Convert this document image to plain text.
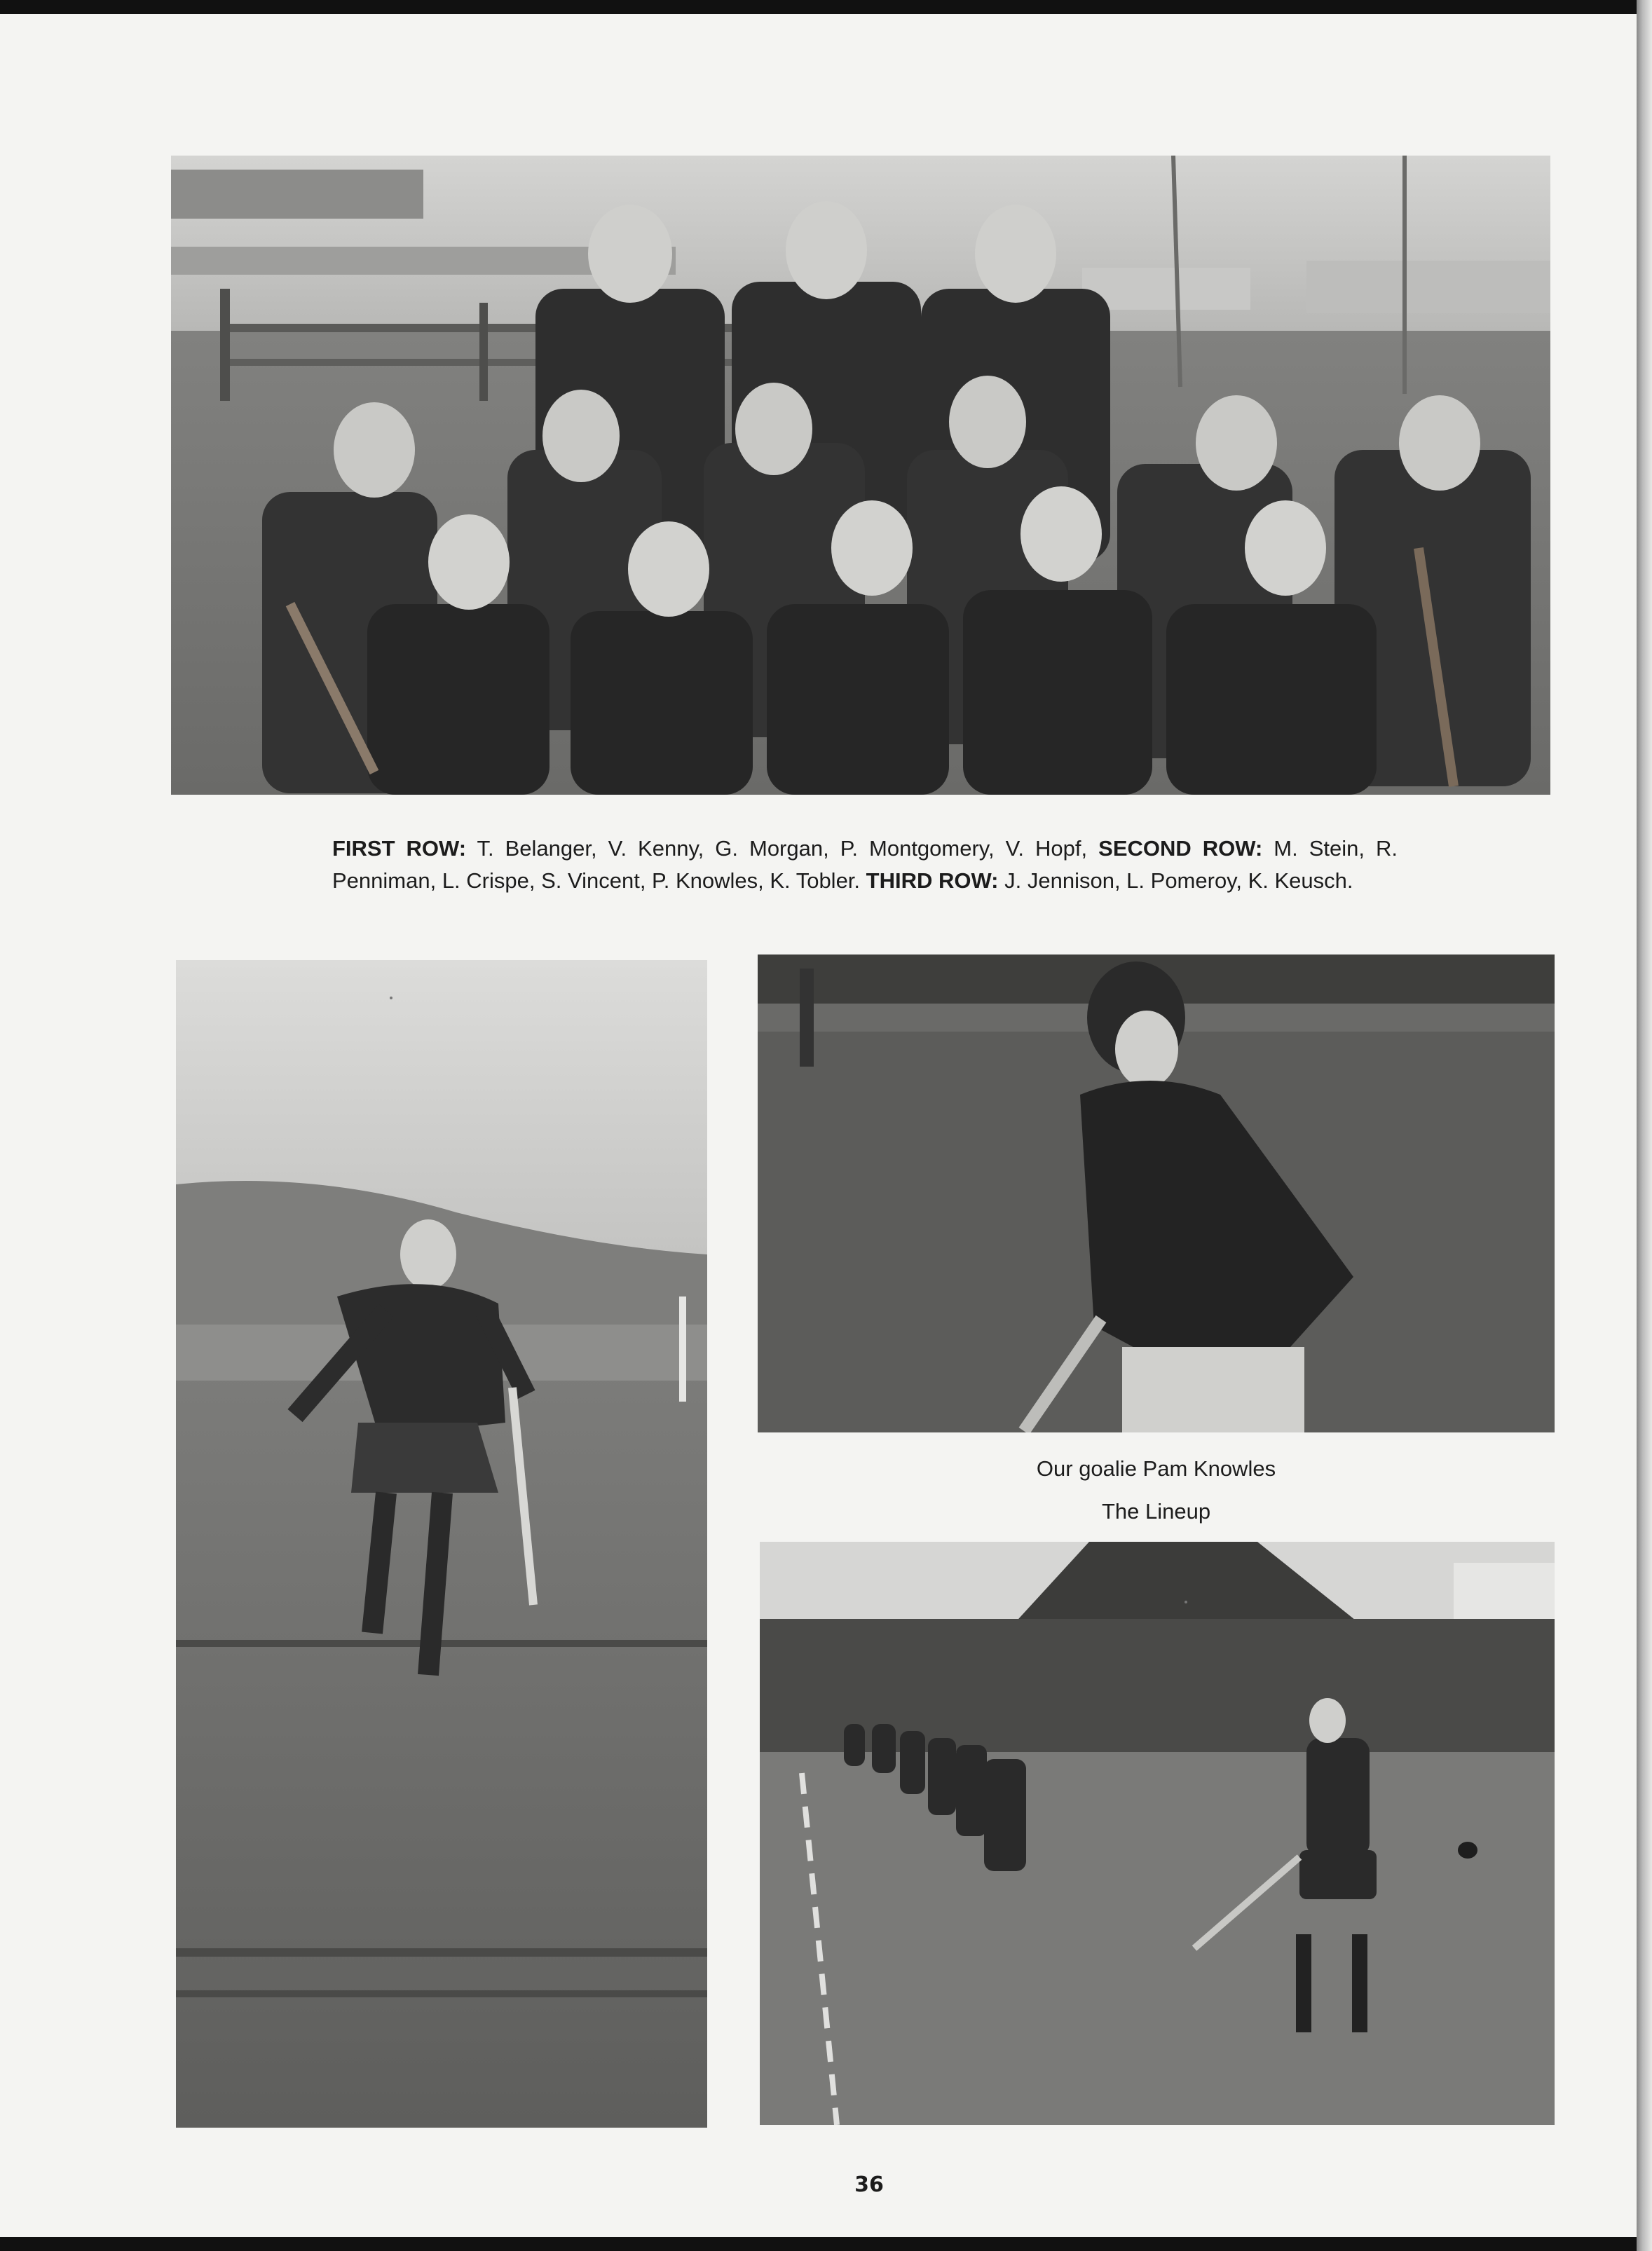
FIRST ROW: T. Belanger, V. Kenny, G. Morgan, P. Montgomery, V. Hopf, SECOND ROW: M. Stein, R. Penniman, L. Crispe, S. Vincent, P. Knowles, K. Tobler. THIRD ROW: J. Jennison, L. Pomeroy, K. Keusch.
Our goalie Pam Knowles
The Lineup
36
